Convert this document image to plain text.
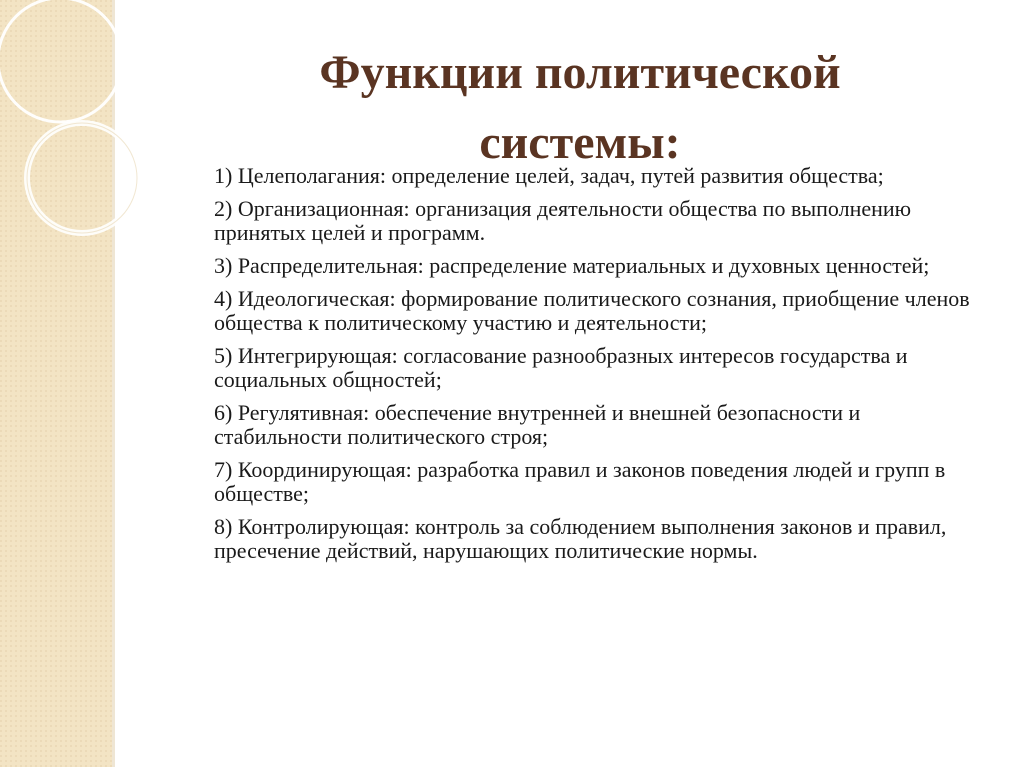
Функции политической
системы:
1) Целеполагания: определение целей, задач, путей развития общества;
2) Организационная: организация деятельности общества по выполнению принятых целей и программ.
3) Распределительная: распределение материальных и духовных ценностей;
4) Идеологическая: формирование политического сознания, приобщение членов общества к политическому участию и деятельности;
5) Интегрирующая: согласование разнообразных интересов государства и социальных общностей;
6) Регулятивная: обеспечение внутренней и внешней безопасности и стабильности политического строя;
7) Координирующая: разработка правил и законов поведения людей и групп в обществе;
8) Контролирующая: контроль за соблюдением выполнения законов и правил, пресечение действий, нарушающих политические нормы.
